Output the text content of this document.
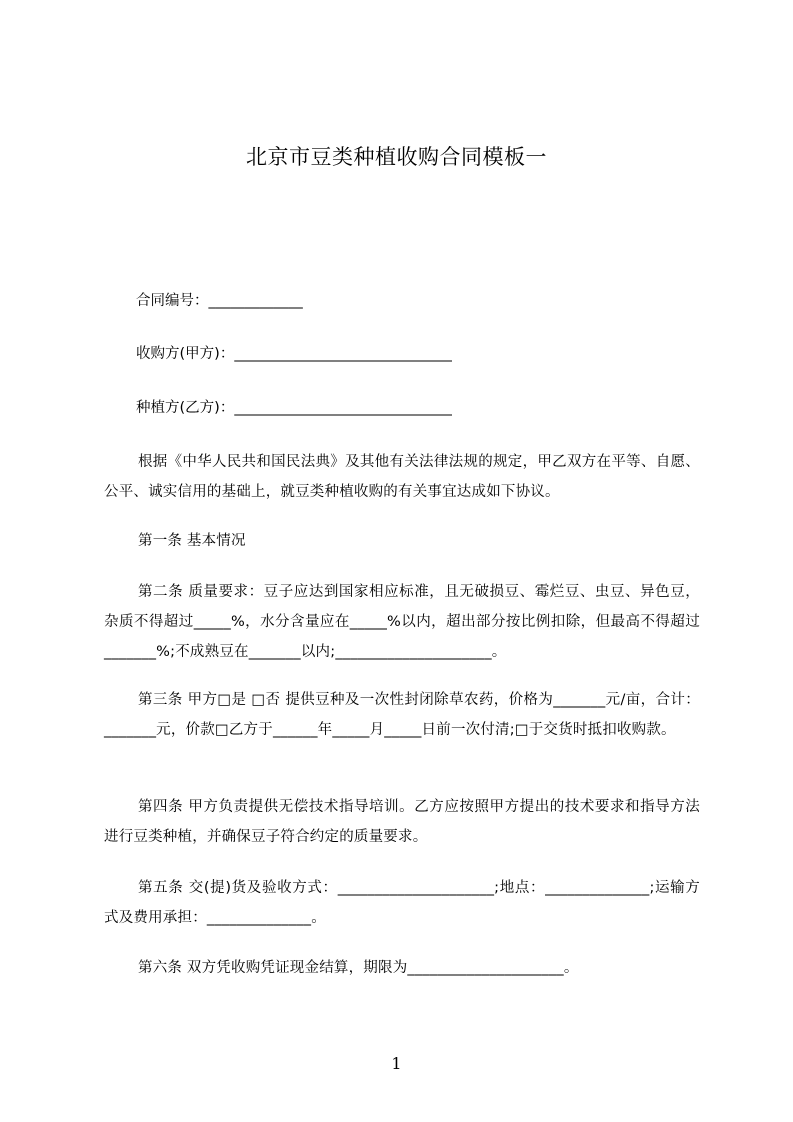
北京市豆类种植收购合同模板一
合同编号：_____________
收购方(甲方)：______________________________
种植方(乙方)：______________________________
根据《中华人民共和国民法典》及其他有关法律法规的规定，甲乙双方在平等、自愿、公平、诚实信用的基础上，就豆类种植收购的有关事宜达成如下协议。
第一条 基本情况
第二条 质量要求：豆子应达到国家相应标准，且无破损豆、霉烂豆、虫豆、异色豆，杂质不得超过_____%，水分含量应在_____%以内，超出部分按比例扣除，但最高不得超过_______%;不成熟豆在_______以内;_____________________。
第三条 甲方□是 □否 提供豆种及一次性封闭除草农药，价格为_______元/亩，合计：_______元，价款□乙方于______年_____月_____日前一次付清;□于交货时抵扣收购款。
第四条 甲方负责提供无偿技术指导培训。乙方应按照甲方提出的技术要求和指导方法进行豆类种植，并确保豆子符合约定的质量要求。
第五条 交(提)货及验收方式：_____________________;地点：______________;运输方式及费用承担：______________。
第六条 双方凭收购凭证现金结算，期限为_____________________。
1
